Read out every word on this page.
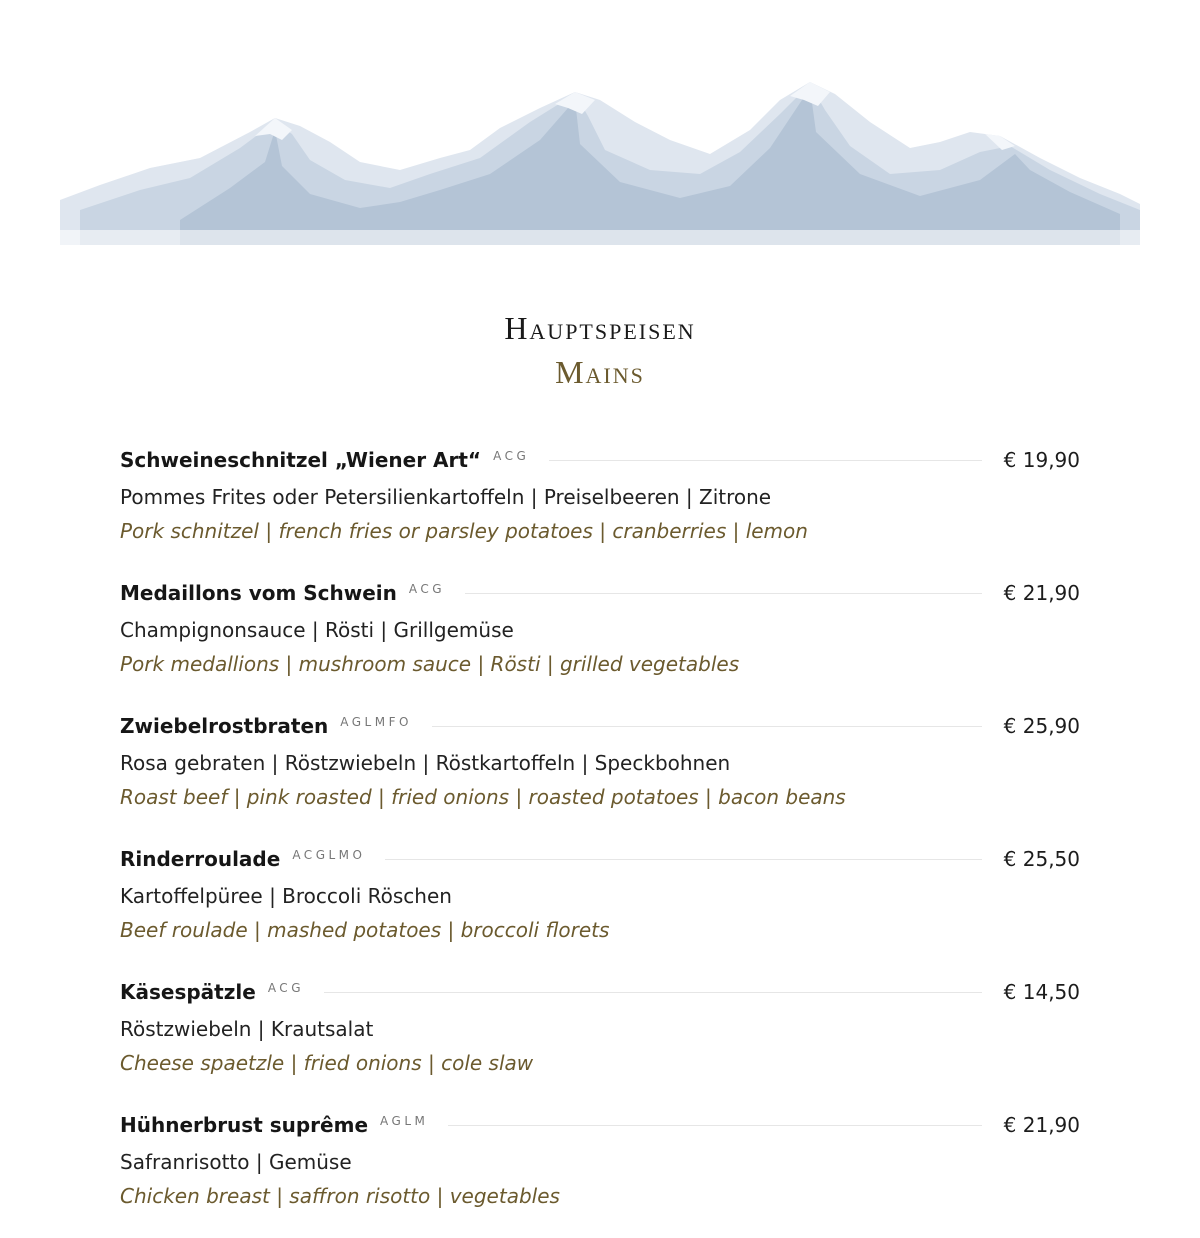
Hauptspeisen
Mains
Schweineschnitzel „Wiener Art“ ACG	€ 19,90
Pommes Frites oder Petersilienkartoffeln | Preiselbeeren | Zitrone
Pork schnitzel | french fries or parsley potatoes | cranberries | lemon
Medaillons vom Schwein ACG	€ 21,90
Champignonsauce | Rösti | Grillgemüse
Pork medallions | mushroom sauce | Rösti | grilled vegetables
Zwiebelrostbraten AGLMFO	€ 25,90
Rosa gebraten | Röstzwiebeln | Röstkartoffeln | Speckbohnen
Roast beef | pink roasted | fried onions | roasted potatoes | bacon beans
Rinderroulade ACGLMO	€ 25,50
Kartoffelpüree | Broccoli Röschen
Beef roulade | mashed potatoes | broccoli florets
Käsespätzle ACG	€ 14,50
Röstzwiebeln | Krautsalat
Cheese spaetzle | fried onions | cole slaw
Hühnerbrust suprême AGLM	€ 21,90
Safranrisotto | Gemüse
Chicken breast | saffron risotto | vegetables
